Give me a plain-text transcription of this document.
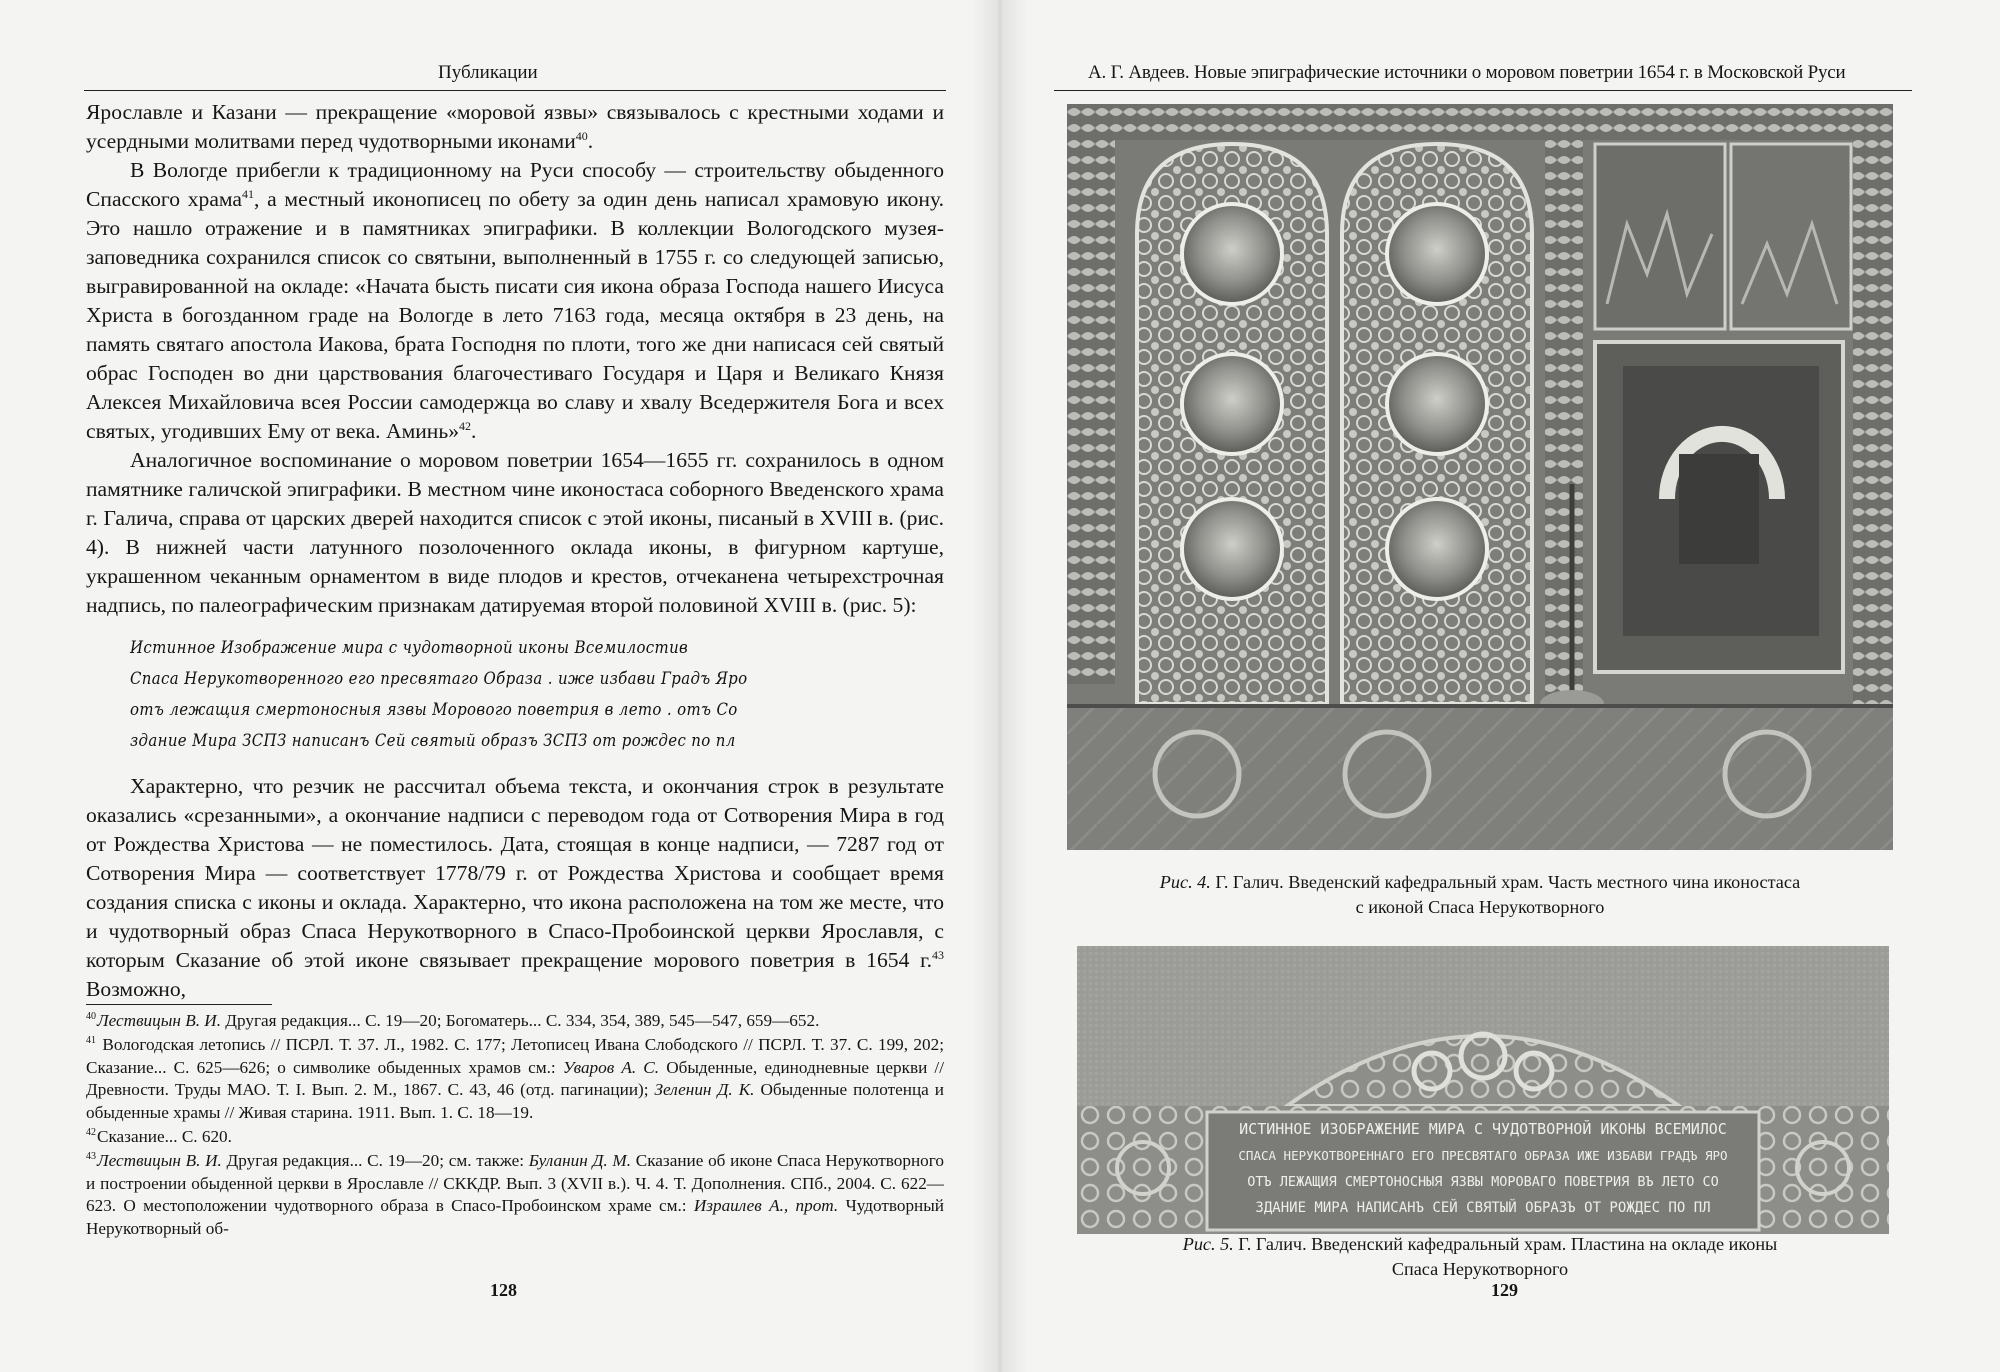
Публикации

Ярославле и Казани — прекращение «моровой язвы» связывалось с крестными ходами и усердными молитвами перед чудотворными иконами$^{40}$.

В Вологде прибегли к традиционному на Руси способу — строительству обыденного Спасского храма$^{41}$, а местный иконописец по обету за один день написал храмовую икону. Это нашло отражение и в памятниках эпиграфики. В коллекции Вологодского музея-заповедника сохранился список со святыни, выполненный в 1755 г. со следующей записью, выгравированной на окладе: «Начата бысть писати сия икона образа Господа нашего Иисуса Христа в богозданном граде на Вологде в лето 7163 года, месяца октября в 23 день, на память святаго апостола Иакова, брата Господня по плоти, того же дни написася сей святый обрас Господен во дни царствования благочестиваго Государя и Царя и Великаго Князя Алексея Михайловича всея России самодержца во славу и хвалу Вседержителя Бога и всех святых, угодивших Ему от века. Аминь»$^{42}$.

Аналогичное воспоминание о моровом поветрии 1654—1655 гг. сохранилось в одном памятнике галичской эпиграфики. В местном чине иконостаса соборного Введенского храма г. Галича, справа от царских дверей находится список с этой иконы, писаный в XVIII в. (рис. 4). В нижней части латунного позолоченного оклада иконы, в фигурном картуше, украшенном чеканным орнаментом в виде плодов и крестов, отчеканена четырехстрочная надпись, по палеографическим признакам датируемая второй половиной XVIII в. (рис. 5):

Истинное Изображение мира с чудотворной иконы Всемилостив
Спаса Нерукотворенного его пресвятаго Образа . иже избави Градъ Яро
отъ лежащия смертоносныя язвы Морового поветрия в лето . отъ Со
здание Мира ЗСПЗ написанъ Сей святый образъ ЗСПЗ от рождес по пл

Характерно, что резчик не рассчитал объема текста, и окончания строк в результате оказались «срезанными», а окончание надписи с переводом года от Сотворения Мира в год от Рождества Христова — не поместилось. Дата, стоящая в конце надписи, — 7287 год от Сотворения Мира — соответствует 1778/79 г. от Рождества Христова и сообщает время создания списка с иконы и оклада. Характерно, что икона расположена на том же месте, что и чудотворный образ Спаса Нерукотворного в Спасо-Пробоинской церкви Ярославля, с которым Сказание об этой иконе связывает прекращение морового поветрия в 1654 г.$^{43}$ Возможно,

$^{40}$Лествицын В. И. Другая редакция... С. 19—20; Богоматерь... С. 334, 354, 389, 545—547, 659—652.

$^{41}$ Вологодская летопись // ПСРЛ. Т. 37. Л., 1982. С. 177; Летописец Ивана Слободского // ПСРЛ. Т. 37. С. 199, 202; Сказание... С. 625—626; о символике обыденных храмов см.: Уваров А. С. Обыденные, единодневные церкви // Древности. Труды МАО. Т. I. Вып. 2. М., 1867. С. 43, 46 (отд. пагинации); Зеленин Д. К. Обыденные полотенца и обыденные храмы // Живая старина. 1911. Вып. 1. С. 18—19.

$^{42}$Сказание... С. 620.

$^{43}$Лествицын В. И. Другая редакция... С. 19—20; см. также: Буланин Д. М. Сказание об иконе Спаса Нерукотворного и построении обыденной церкви в Ярославле // СККДР. Вып. 3 (XVII в.). Ч. 4. Т. Дополнения. СПб., 2004. С. 622—623. О местоположении чудотворного образа в Спасо-Пробоинском храме см.: Израилев А., прот. Чудотворный Нерукотворный об-

128
А. Г. Авдеев. Новые эпиграфические источники о моровом поветрии 1654 г. в Московской Руси
Рис. 4. Г. Галич. Введенский кафедральный храм. Часть местного чина иконостаса
с иконой Спаса Нерукотворного
ИСТИННОЕ ИЗОБРАЖЕНИЕ МИРА С ЧУДОТВОРНОЙ ИКОНЫ ВСЕМИЛОС
СПАСА НЕРУКОТВОРЕННАГО ЕГО ПРЕСВЯТАГО ОБРАЗА ИЖЕ ИЗБАВИ ГРАДЪ ЯРО
ОТЪ ЛЕЖАЩИЯ СМЕРТОНОСНЫЯ ЯЗВЫ МОРОВАГО ПОВЕТРИЯ ВЪ ЛЕТО СО
ЗДАНИЕ МИРА НАПИСАНЪ СЕЙ СВЯТЫЙ ОБРАЗЪ ОТ РОЖДЕС ПО ПЛ
Рис. 5. Г. Галич. Введенский кафедральный храм. Пластина на окладе иконы
Спаса Нерукотворного
129
